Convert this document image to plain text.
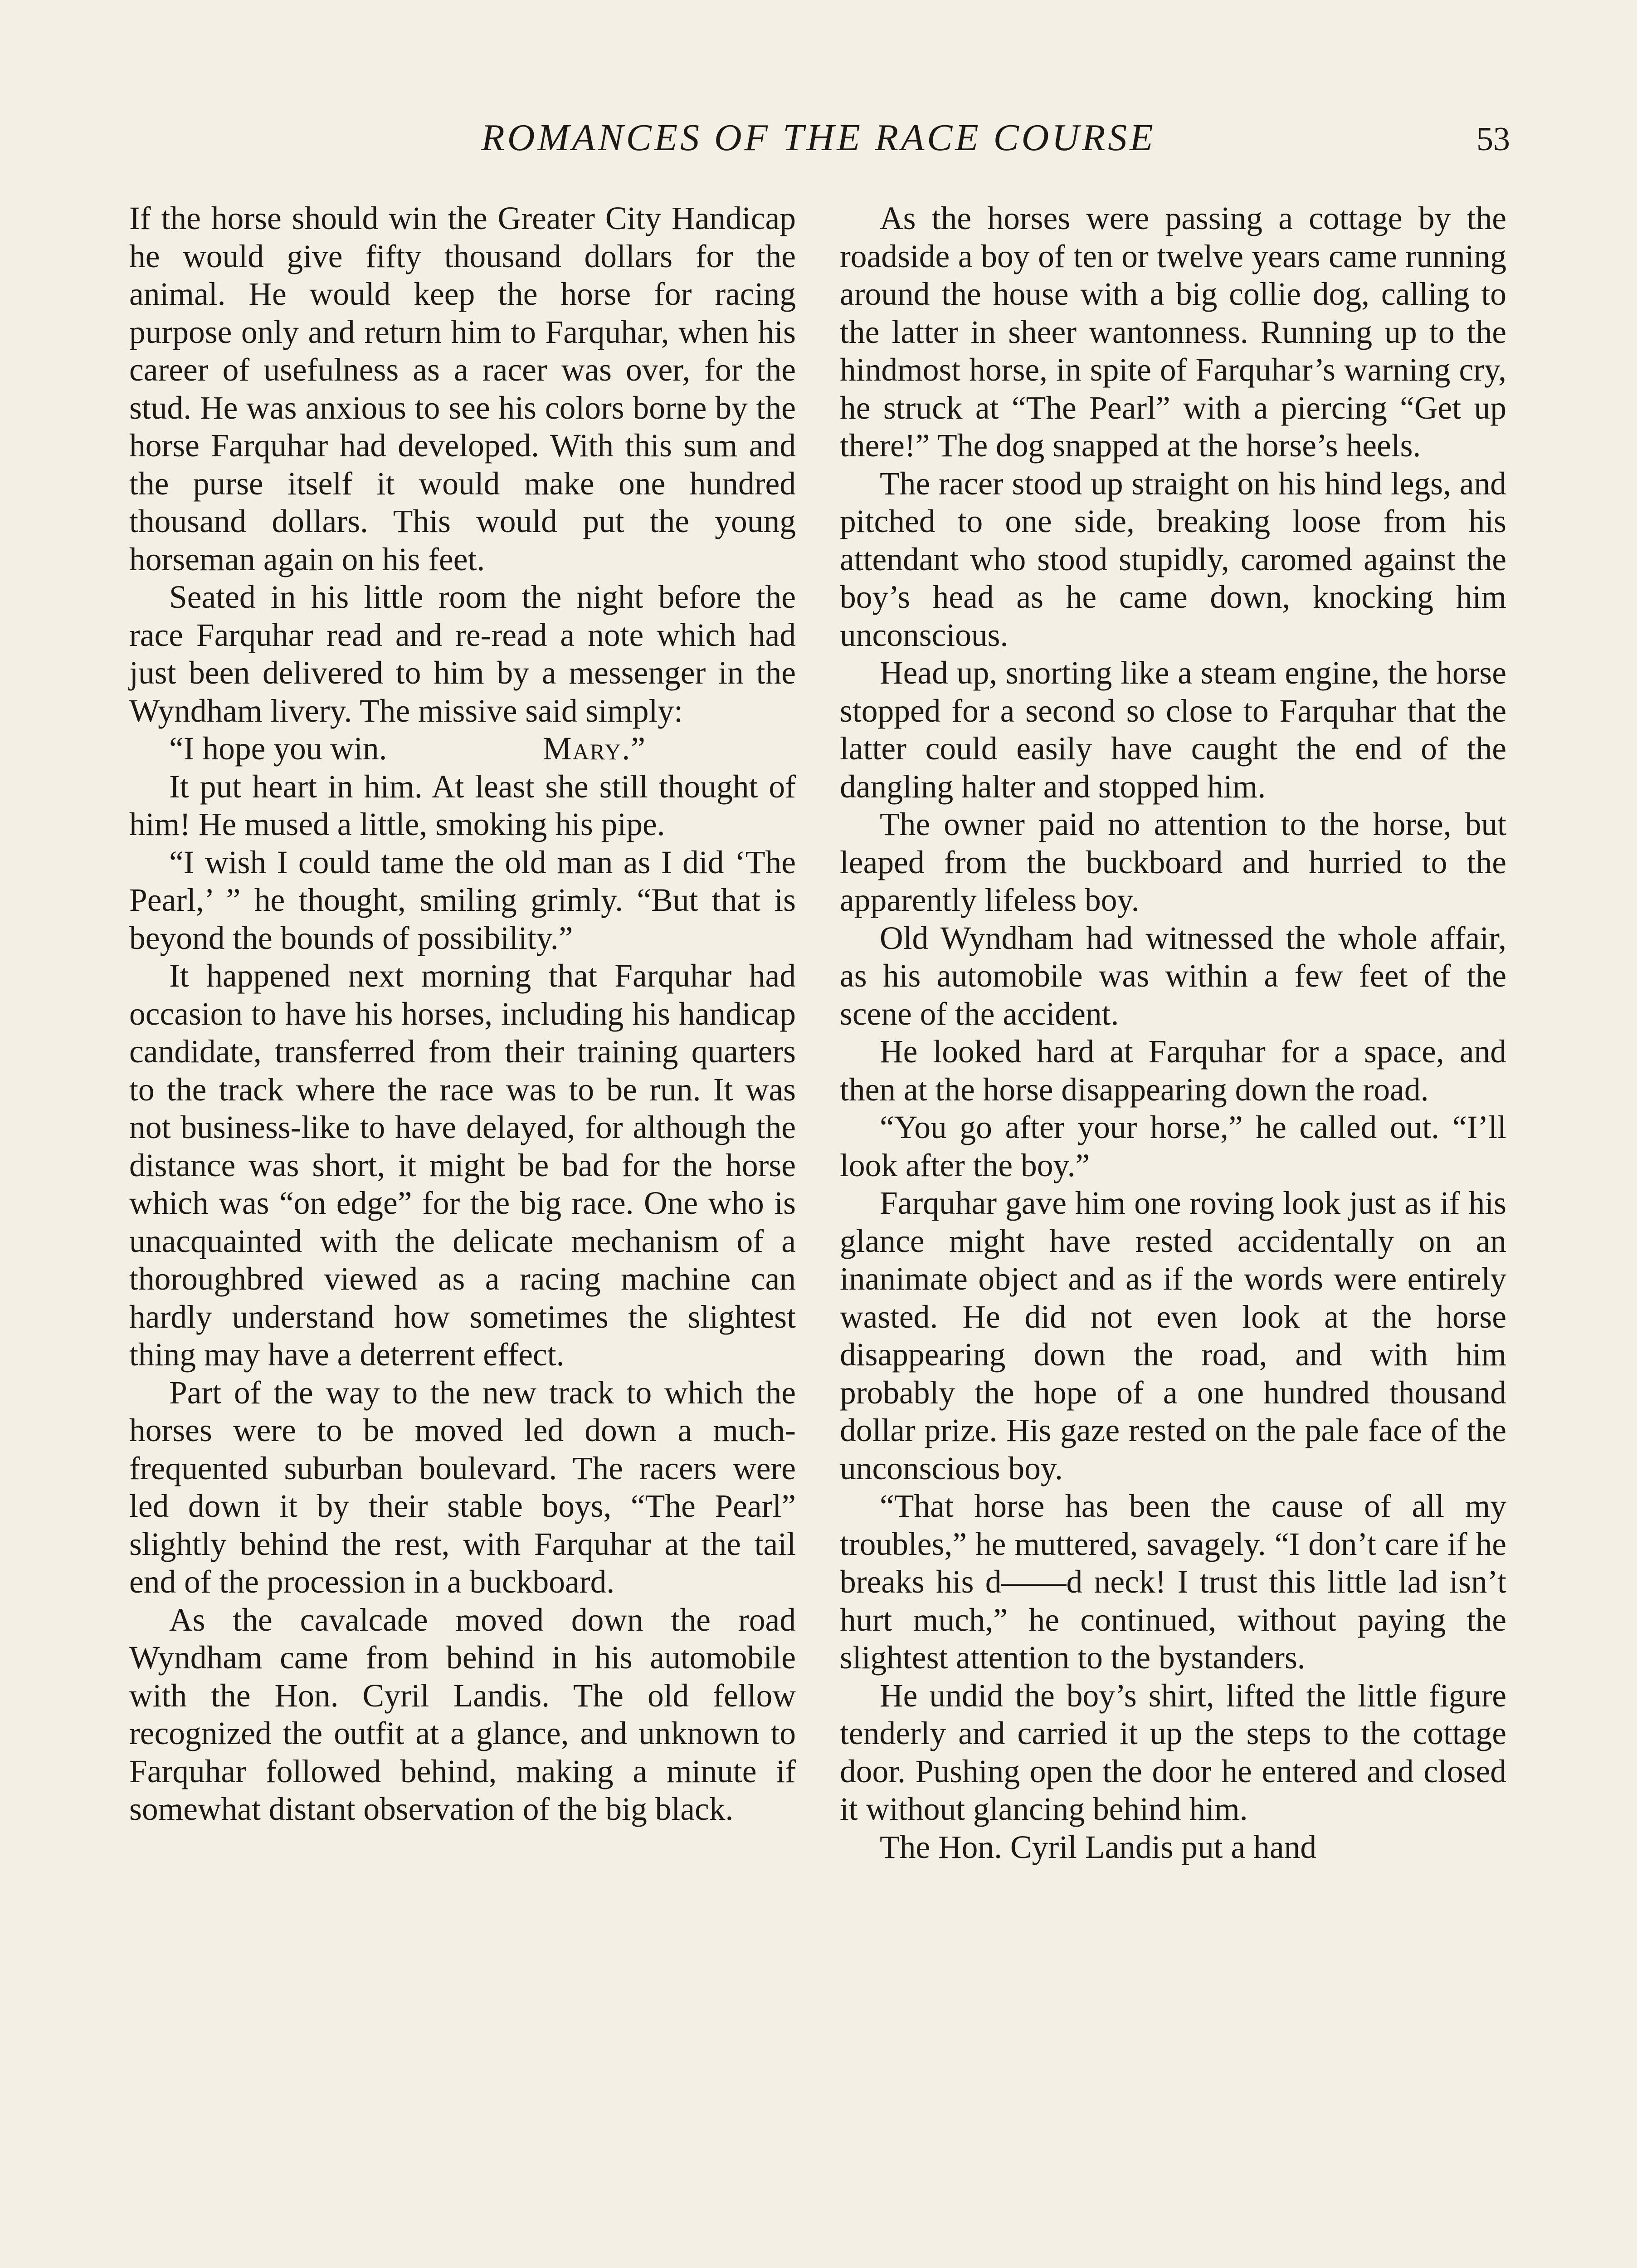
ROMANCES OF THE RACE COURSE	53

If the horse should win the Greater City Handicap he would give fifty thousand dollars for the animal. He would keep the horse for racing purpose only and return him to Farquhar, when his career of usefulness as a racer was over, for the stud. He was anxious to see his colors borne by the horse Farquhar had developed. With this sum and the purse itself it would make one hundred thousand dollars. This would put the young horseman again on his feet.

Seated in his little room the night before the race Farquhar read and re-read a note which had just been delivered to him by a messenger in the Wyndham livery. The missive said simply:

“I hope you win.	Mary.”

It put heart in him. At least she still thought of him! He mused a little, smoking his pipe.

“I wish I could tame the old man as I did ‘The Pearl,’ ” he thought, smiling grimly. “But that is beyond the bounds of possibility.”

It happened next morning that Farquhar had occasion to have his horses, including his handicap candidate, transferred from their training quarters to the track where the race was to be run. It was not business-like to have delayed, for although the distance was short, it might be bad for the horse which was “on edge” for the big race. One who is unacquainted with the delicate mechanism of a thoroughbred viewed as a racing machine can hardly understand how sometimes the slightest thing may have a deterrent effect.

Part of the way to the new track to which the horses were to be moved led down a much-frequented suburban boulevard. The racers were led down it by their stable boys, “The Pearl” slightly behind the rest, with Farquhar at the tail end of the procession in a buckboard.

As the cavalcade moved down the road Wyndham came from behind in his automobile with the Hon. Cyril Landis. The old fellow recognized the outfit at a glance, and unknown to Farquhar followed behind, making a minute if somewhat distant observation of the big black.

As the horses were passing a cottage by the roadside a boy of ten or twelve years came running around the house with a big collie dog, calling to the latter in sheer wantonness. Running up to the hindmost horse, in spite of Farquhar’s warning cry, he struck at “The Pearl” with a piercing “Get up there!” The dog snapped at the horse’s heels.

The racer stood up straight on his hind legs, and pitched to one side, breaking loose from his attendant who stood stupidly, caromed against the boy’s head as he came down, knocking him unconscious.

Head up, snorting like a steam engine, the horse stopped for a second so close to Farquhar that the latter could easily have caught the end of the dangling halter and stopped him.

The owner paid no attention to the horse, but leaped from the buckboard and hurried to the apparently lifeless boy.

Old Wyndham had witnessed the whole affair, as his automobile was within a few feet of the scene of the accident.

He looked hard at Farquhar for a space, and then at the horse disappearing down the road.

“You go after your horse,” he called out. “I’ll look after the boy.”

Farquhar gave him one roving look just as if his glance might have rested accidentally on an inanimate object and as if the words were entirely wasted. He did not even look at the horse disappearing down the road, and with him probably the hope of a one hundred thousand dollar prize. His gaze rested on the pale face of the unconscious boy.

“That horse has been the cause of all my troubles,” he muttered, savagely. “I don’t care if he breaks his d——d neck! I trust this little lad isn’t hurt much,” he continued, without paying the slightest attention to the bystanders.

He undid the boy’s shirt, lifted the little figure tenderly and carried it up the steps to the cottage door. Pushing open the door he entered and closed it without glancing behind him.

The Hon. Cyril Landis put a hand
